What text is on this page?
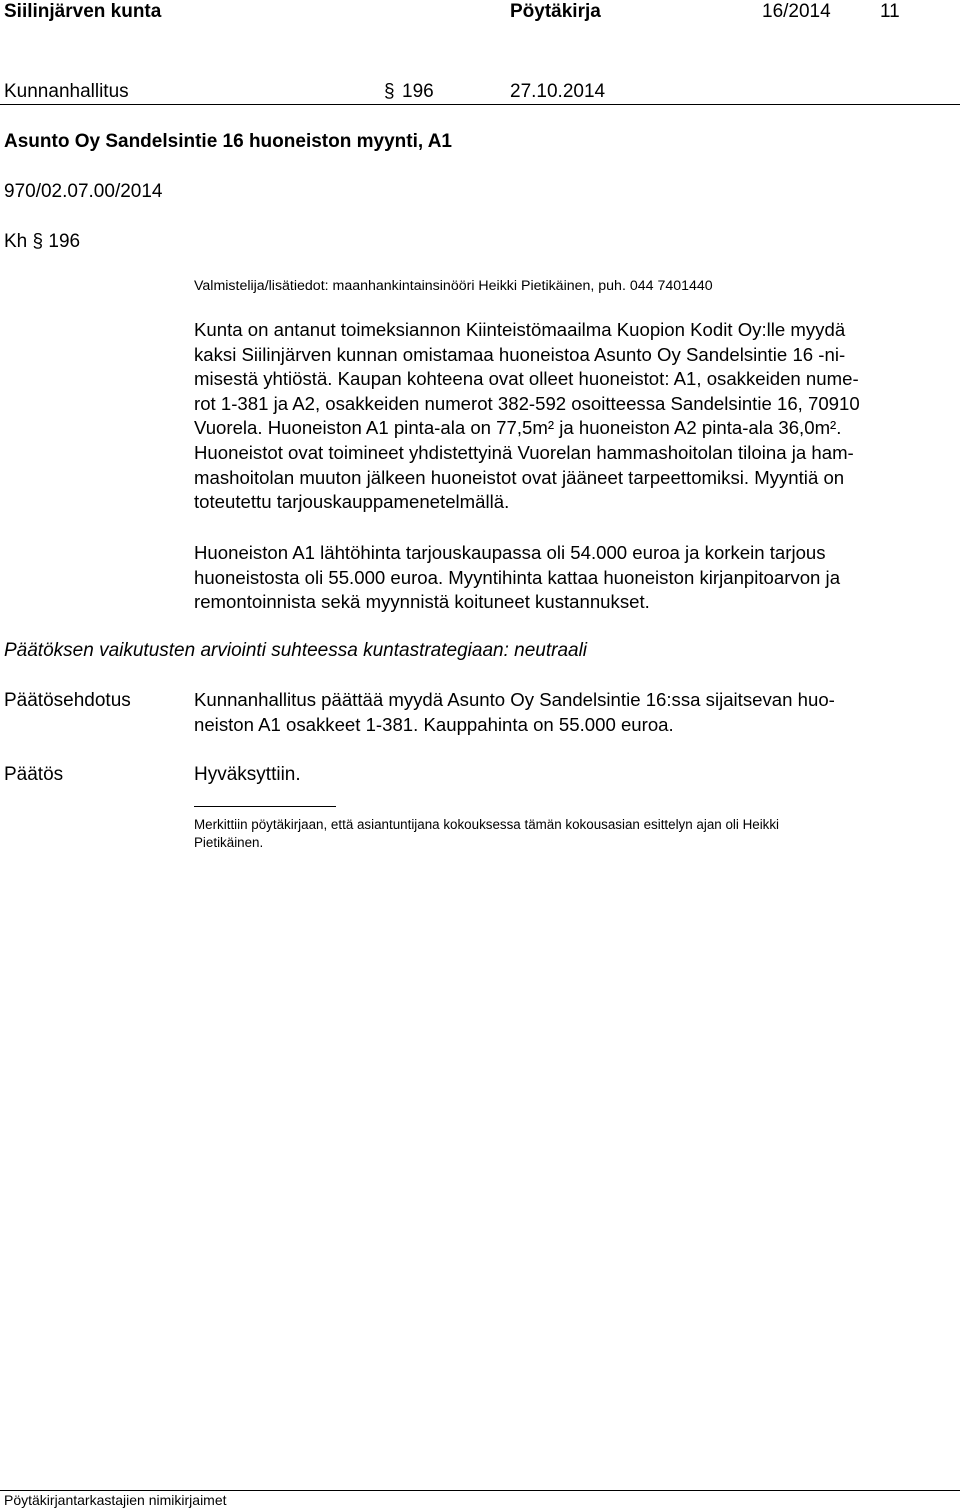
Siilinjärven kunta	Pöytäkirja	16/2014	11
Kunnanhallitus	§ 196	27.10.2014
Asunto Oy Sandelsintie 16 huoneiston myynti, A1
970/02.07.00/2014
Kh § 196
Valmistelija/lisätiedot: maanhankintainsinööri Heikki Pietikäinen, puh. 044 7401440
Kunta on antanut toimeksiannon Kiinteistömaailma Kuopion Kodit Oy:lle myydä
kaksi Siilinjärven kunnan omistamaa huoneistoa Asunto Oy Sandelsintie 16 -ni-
misestä yhtiöstä. Kaupan kohteena ovat olleet huoneistot: A1, osakkeiden nume-
rot 1-381 ja A2, osakkeiden numerot 382-592 osoitteessa Sandelsintie 16, 70910
Vuorela. Huoneiston A1 pinta-ala on 77,5m² ja huoneiston A2 pinta-ala 36,0m².
Huoneistot ovat toimineet yhdistettyinä Vuorelan hammashoitolan tiloina ja ham-
mashoitolan muuton jälkeen huoneistot ovat jääneet tarpeettomiksi. Myyntiä on
toteutettu tarjouskauppamenetelmällä.
Huoneiston A1 lähtöhinta tarjouskaupassa oli 54.000 euroa ja korkein tarjous
huoneistosta oli 55.000 euroa. Myyntihinta kattaa huoneiston kirjanpitoarvon ja
remontoinnista sekä myynnistä koituneet kustannukset.
Päätöksen vaikutusten arviointi suhteessa kuntastrategiaan: neutraali
Päätösehdotus	Kunnanhallitus päättää myydä Asunto Oy Sandelsintie 16:ssa sijaitsevan huo-
neiston A1 osakkeet 1-381. Kauppahinta on 55.000 euroa.
Päätös	Hyväksyttiin.
Merkittiin pöytäkirjaan, että asiantuntijana kokouksessa tämän kokousasian esittelyn ajan oli Heikki
Pietikäinen.
Pöytäkirjantarkastajien nimikirjaimet
